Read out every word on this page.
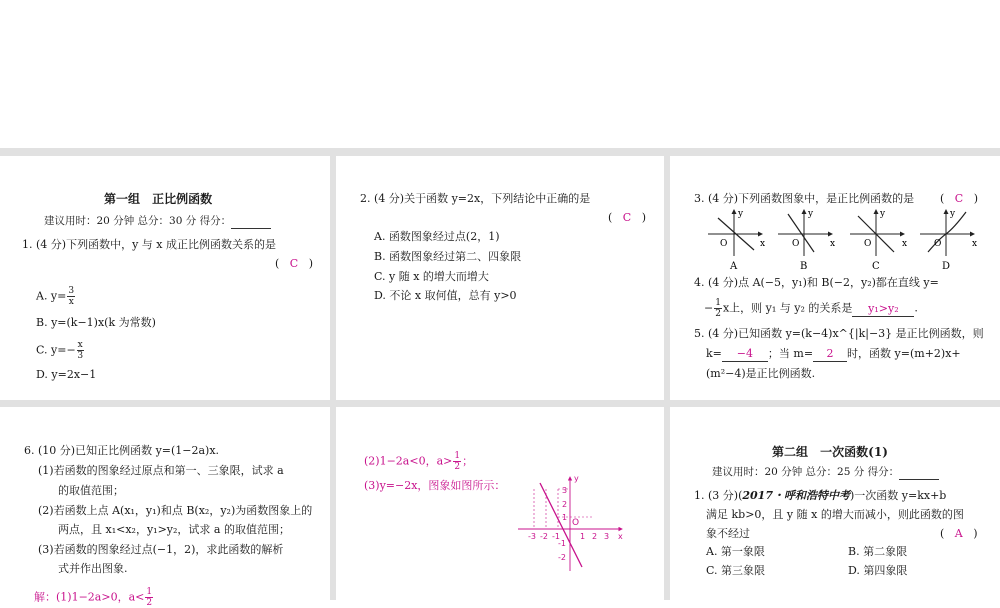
第一组 正比例函数
建议用时：20 分钟 总分：30 分 得分：
1. (4 分)下列函数中，y 与 x 成正比例函数关系的是
( C )
A. $y= \frac{3}{x}$
B. y=(k−1)x(k 为常数)
C. $y=- \frac{x}{3}$
D. y=2x−1
2. (4 分)关于函数 y=2x，下列结论中正确的是
(   C   )
A. 函数图象经过点(2，1)
B. 函数图象经过第二、四象限
C. y 随 x 的增大而增大
D. 不论 x 取何值，总有 y>0
3. (4 分)下列函数图象中，是正比例函数的是 (   C   )
x
y
O
A
x
y
O
B
x
y
O
C
x
y
O
D
4. (4 分)点 A(−5，y₁)和 B(−2，y₂)都在直线 y=
− $\frac{1}{2}$ x上，则 y₁ 与 y₂ 的关系是 y₁>y₂ .
5. (4 分)已知函数 y=(k−4)x^{|k|−3} 是正比例函数，则
k= −4 ；当 m= 2 时，函数 y=(m+2)x+
(m²−4)是正比例函数.
6. (10 分)已知正比例函数 y=(1−2a)x.
(1)若函数的图象经过原点和第一、三象限，试求 a
的取值范围；
(2)若函数上点 A(x₁，y₁)和点 B(x₂，y₂)为函数图象上的
两点，且 x₁<x₂，y₁>y₂，试求 a 的取值范围；
(3)若函数的图象经过点(−1，2)，求此函数的解析
式并作出图象.
解：(1)1−2a>0，$a< \frac{1}{2}$
(2)1−2a<0，$a> \frac{1}{2}$ ；
(3)y=−2x，图象如图所示：
x
y
O
-3 -2 -1	1 2 3
3
2
1
-1
-2
第二组 一次函数(1)
建议用时：20 分钟 总分：25 分 得分：
1. (3 分)(2017・呼和浩特中考)一次函数 y=kx+b
满足 kb>0，且 y 随 x 的增大而减小，则此函数的图
象不经过	(   A   )
A. 第一象限	B. 第二象限
C. 第三象限	D. 第四象限
